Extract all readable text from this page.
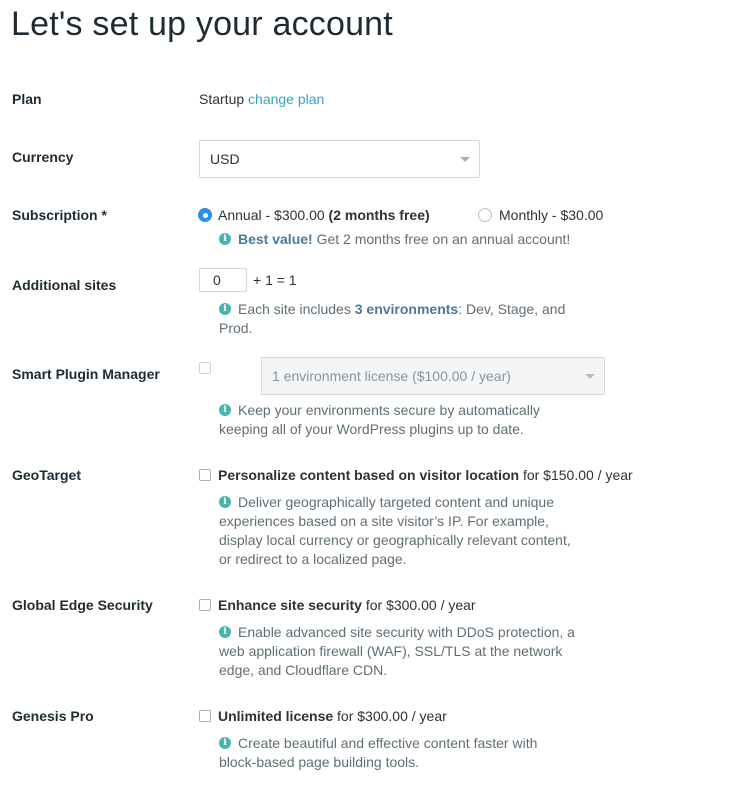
Let's set up your account
Plan	Startup change plan
Currency	USD
Subscription *	Annual - $300.00 (2 months free)	Monthly - $30.00
i Best value! Get 2 months free on an annual account!
Additional sites	0	+ 1 = 1
i Each site includes 3 environments: Dev, Stage, and
Prod.
Smart Plugin Manager	1 environment license ($100.00 / year)
i Keep your environments secure by automatically
keeping all of your WordPress plugins up to date.
GeoTarget	Personalize content based on visitor location for $150.00 / year
i Deliver geographically targeted content and unique
experiences based on a site visitor’s IP. For example,
display local currency or geographically relevant content,
or redirect to a localized page.
Global Edge Security	Enhance site security for $300.00 / year
i Enable advanced site security with DDoS protection, a
web application firewall (WAF), SSL/TLS at the network
edge, and Cloudflare CDN.
Genesis Pro	Unlimited license for $300.00 / year
i Create beautiful and effective content faster with
block-based page building tools.
